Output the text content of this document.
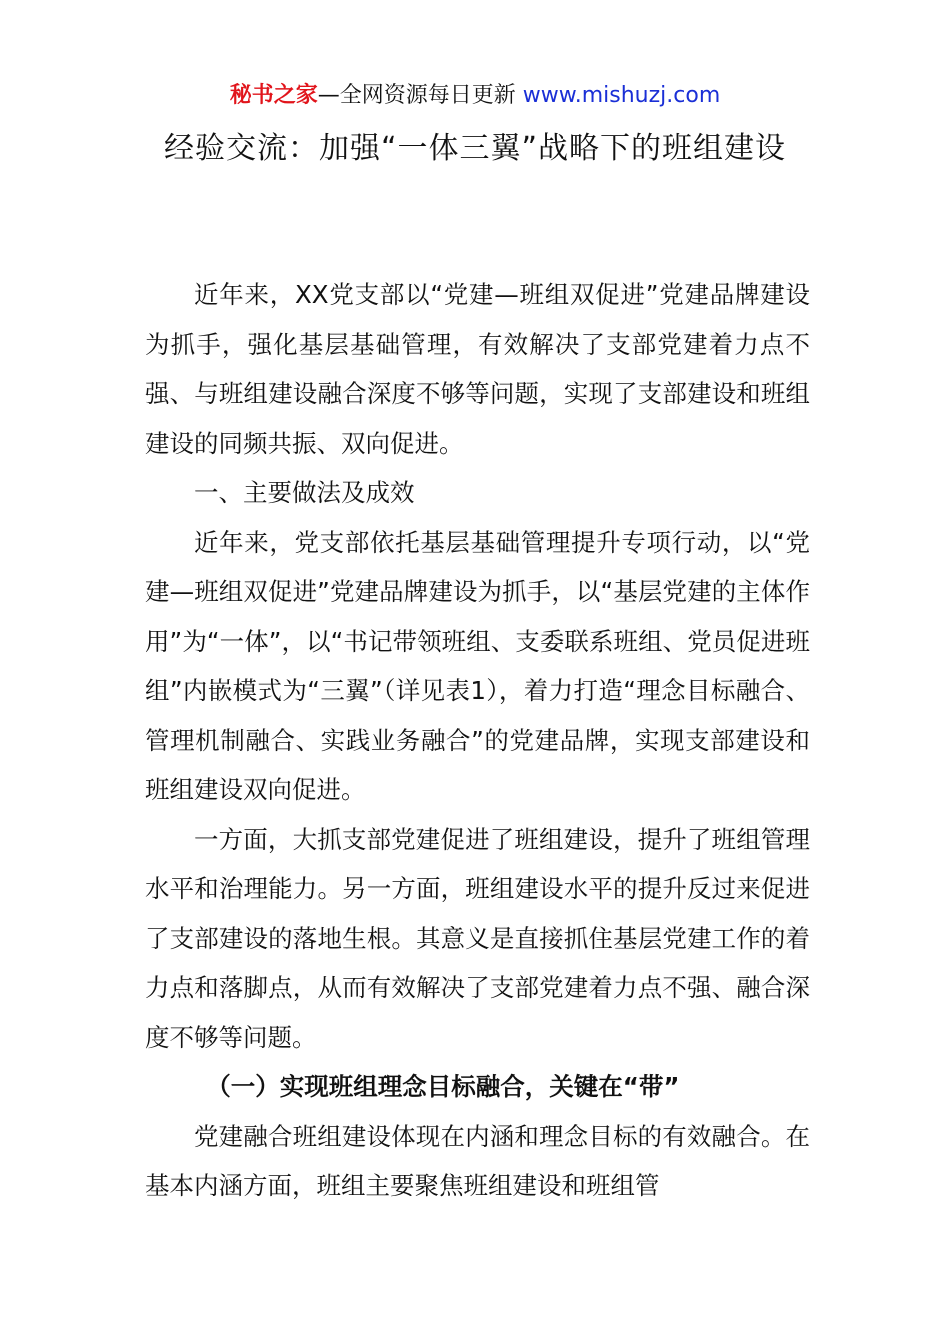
秘书之家—全网资源每日更新 www.mishuzj.com
经验交流：加强“一体三翼”战略下的班组建设

近年来，XX党支部以“党建—班组双促进”党建品牌建设为抓手，强化基层基础管理，有效解决了支部党建着力点不强、与班组建设融合深度不够等问题，实现了支部建设和班组建设的同频共振、双向促进。

一、主要做法及成效

近年来，党支部依托基层基础管理提升专项行动，以“党建—班组双促进”党建品牌建设为抓手，以“基层党建的主体作用”为“一体”，以“书记带领班组、支委联系班组、党员促进班组”内嵌模式为“三翼”（详见表1），着力打造“理念目标融合、管理机制融合、实践业务融合”的党建品牌，实现支部建设和班组建设双向促进。

一方面，大抓支部党建促进了班组建设，提升了班组管理水平和治理能力。另一方面，班组建设水平的提升反过来促进了支部建设的落地生根。其意义是直接抓住基层党建工作的着力点和落脚点，从而有效解决了支部党建着力点不强、融合深度不够等问题。

（一）实现班组理念目标融合，关键在“带”

党建融合班组建设体现在内涵和理念目标的有效融合。在基本内涵方面，班组主要聚焦班组建设和班组管
